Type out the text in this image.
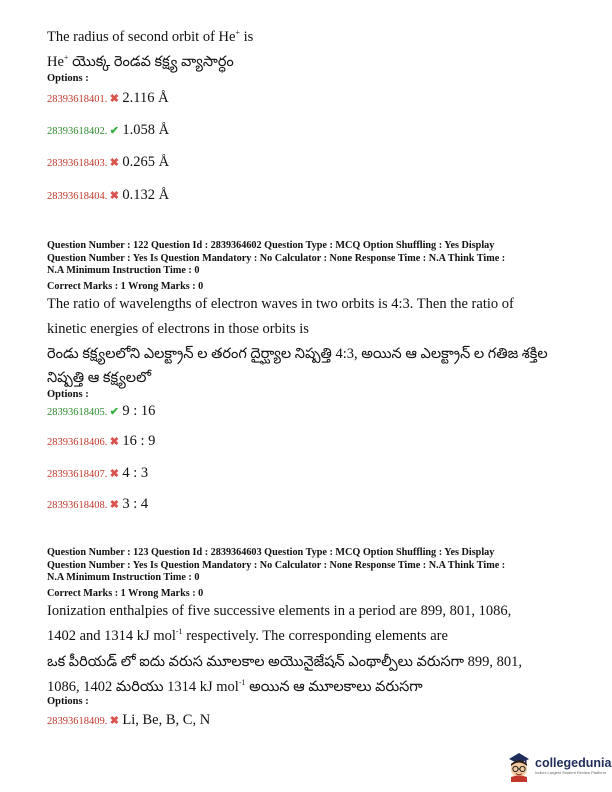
The radius of second orbit of He+ is
He+ యొక్క రెండవ కక్ష్య వ్యాసార్ధం
Options :
28393618401. ✖ 2.116 Å
28393618402. ✔ 1.058 Å
28393618403. ✖ 0.265 Å
28393618404. ✖ 0.132 Å
Question Number : 122 Question Id : 2839364602 Question Type : MCQ Option Shuffling : Yes Display
Question Number : Yes Is Question Mandatory : No Calculator : None Response Time : N.A Think Time :
N.A Minimum Instruction Time : 0
Correct Marks : 1 Wrong Marks : 0
The ratio of wavelengths of electron waves in two orbits is 4:3. Then the ratio of
kinetic energies of electrons in those orbits is
రెండు కక్ష్యలలోని ఎలక్ట్రాన్ ల తరంగ దైర్ఘ్యాల నిష్పత్తి 4:3, అయిన ఆ ఎలక్ట్రాన్ ల గతిజ శక్తిల
నిష్పత్తి ఆ కక్ష్యలలో
Options :
28393618405. ✔ 9 : 16
28393618406. ✖ 16 : 9
28393618407. ✖ 4 : 3
28393618408. ✖ 3 : 4
Question Number : 123 Question Id : 2839364603 Question Type : MCQ Option Shuffling : Yes Display
Question Number : Yes Is Question Mandatory : No Calculator : None Response Time : N.A Think Time :
N.A Minimum Instruction Time : 0
Correct Marks : 1 Wrong Marks : 0
Ionization enthalpies of five successive elements in a period are 899, 801, 1086,
1402 and 1314 kJ mol$^{-1}$ respectively. The corresponding elements are
ఒక పీరియడ్ లో ఐదు వరుస మూలకాల అయొనైజేషన్ ఎంథాల్పీలు వరుసగా 899, 801,
1086, 1402 మరియు 1314 kJ mol$^{-1}$ అయిన ఆ మూలకాలు వరుసగా
Options :
28393618409. ✖ Li, Be, B, C, N
collegedunia
India's Largest Student Review Platform
